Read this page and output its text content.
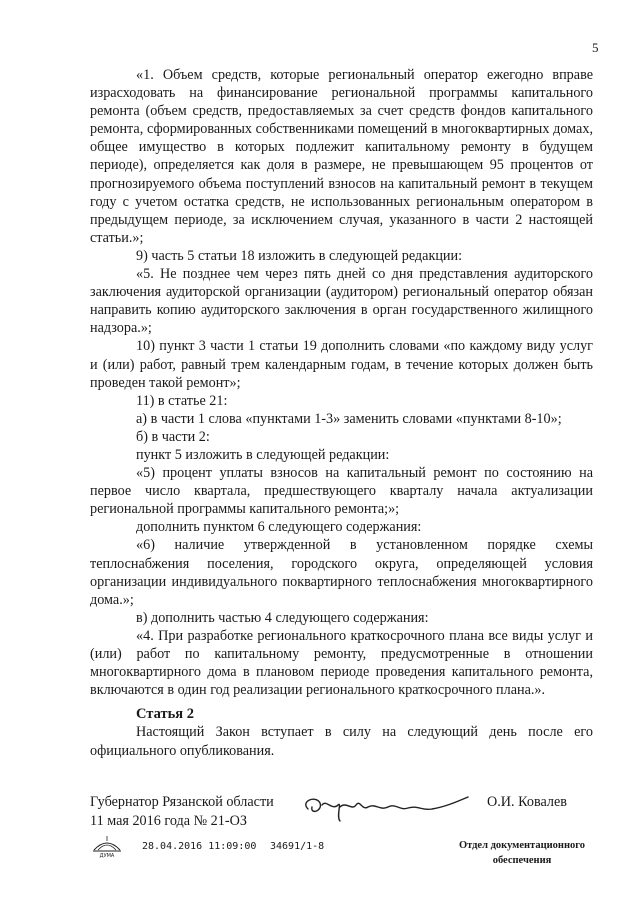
5

«1. Объем средств, которые региональный оператор ежегодно вправе израсходовать на финансирование региональной программы капитального ремонта (объем средств, предоставляемых за счет средств фондов капитального ремонта, сформированных собственниками помещений в многоквартирных домах, общее имущество в которых подлежит капитальному ремонту в будущем периоде), определяется как доля в размере, не превышающем 95 процентов от прогнозируемого объема поступлений взносов на капитальный ремонт в текущем году с учетом остатка средств, не использованных региональным оператором в предыдущем периоде, за исключением случая, указанного в части 2 настоящей статьи.»;

9) часть 5 статьи 18 изложить в следующей редакции:

«5. Не позднее чем через пять дней со дня представления аудиторского заключения аудиторской организации (аудитором) региональный оператор обязан направить копию аудиторского заключения в орган государственного жилищного надзора.»;

10) пункт 3 части 1 статьи 19 дополнить словами «по каждому виду услуг и (или) работ, равный трем календарным годам, в течение которых должен быть проведен такой ремонт»;

11) в статье 21:

а) в части 1 слова «пунктами 1-3» заменить словами «пунктами 8-10»;

б) в части 2:

пункт 5 изложить в следующей редакции:

«5) процент уплаты взносов на капитальный ремонт по состоянию на первое число квартала, предшествующего кварталу начала актуализации региональной программы капитального ремонта;»;

дополнить пунктом 6 следующего содержания:

«6) наличие утвержденной в установленном порядке схемы теплоснабжения поселения, городского округа, определяющей условия организации индивидуального поквартирного теплоснабжения многоквартирного дома.»;

в) дополнить частью 4 следующего содержания:

«4. При разработке регионального краткосрочного плана все виды услуг и (или) работ по капитальному ремонту, предусмотренные в отношении многоквартирного дома в плановом периоде проведения капитального ремонта, включаются в один год реализации регионального краткосрочного плана.».

Статья 2

Настоящий Закон вступает в силу на следующий день после его официального опубликования.

Губернатор Рязанской области	О.И. Ковалев
11 мая 2016 года № 21-ОЗ
ДУМА
28.04.2016 11:09:00 34691/1-8	Отдел документационного
обеспечения
